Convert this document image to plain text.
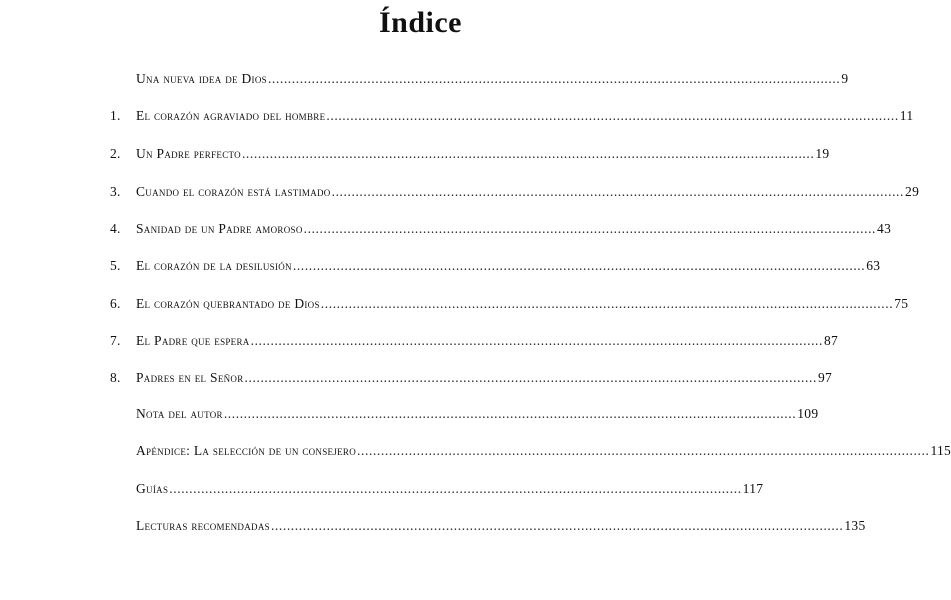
Índice
Una nueva idea de Dios .....	9
1.	El corazón agraviado del hombre .....	11
2.	Un Padre perfecto .....	19
3.	Cuando el corazón está lastimado .....	29
4.	Sanidad de un Padre amoroso .....	43
5.	El corazón de la desilusión .....	63
6.	El corazón quebrantado de Dios .....	75
7.	El Padre que espera .....	87
8.	Padres en el Señor .....	97
Nota del autor .....	109
Apéndice: La selección de un consejero .....	115
Guías .....	117
Lecturas recomendadas .....	135
